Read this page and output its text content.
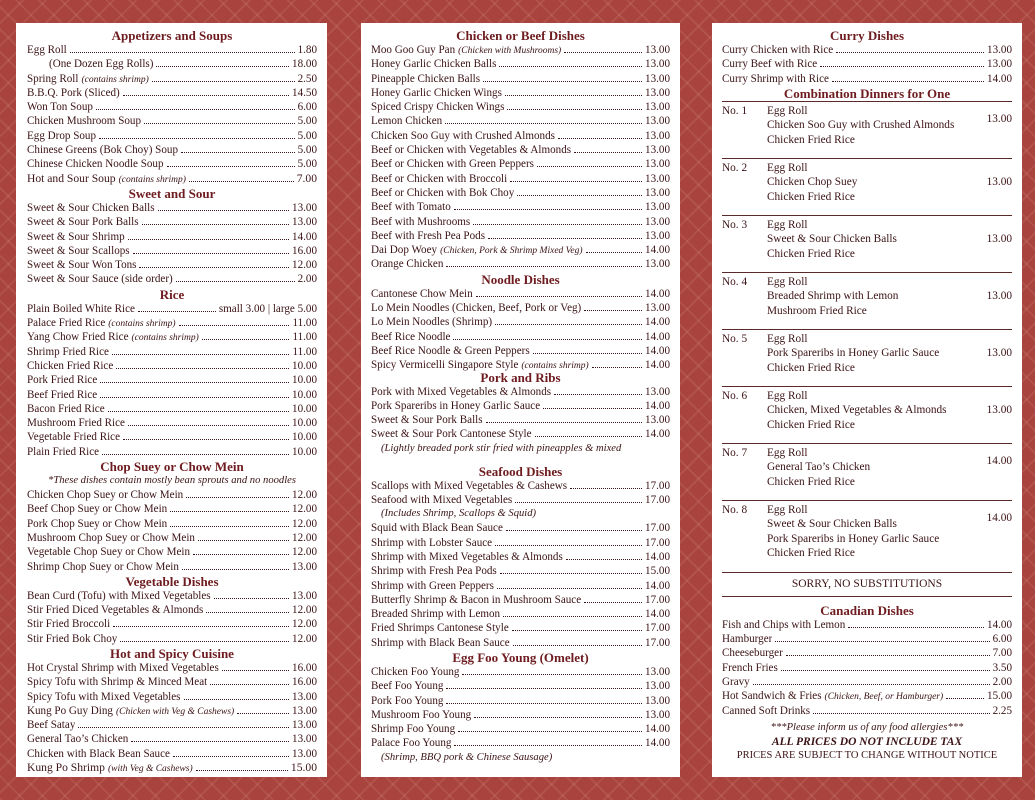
Appetizers and Soups
Egg Roll	1.80
(One Dozen Egg Rolls)	18.00
Spring Roll (contains shrimp)	2.50
B.B.Q. Pork (Sliced)	14.50
Won Ton Soup	6.00
Chicken Mushroom Soup	5.00
Egg Drop Soup	5.00
Chinese Greens (Bok Choy) Soup	5.00
Chinese Chicken Noodle Soup	5.00
Hot and Sour Soup (contains shrimp)	7.00
Sweet and Sour
Sweet & Sour Chicken Balls	13.00
Sweet & Sour Pork Balls	13.00
Sweet & Sour Shrimp	14.00
Sweet & Sour Scallops	16.00
Sweet & Sour Won Tons	12.00
Sweet & Sour Sauce (side order)	2.00
Rice
Plain Boiled White Rice	small 3.00 | large 5.00
Palace Fried Rice (contains shrimp)	11.00
Yang Chow Fried Rice (contains shrimp)	11.00
Shrimp Fried Rice	11.00
Chicken Fried Rice	10.00
Pork Fried Rice	10.00
Beef Fried Rice	10.00
Bacon Fried Rice	10.00
Mushroom Fried Rice	10.00
Vegetable Fried Rice	10.00
Plain Fried Rice	10.00
Chop Suey or Chow Mein
*These dishes contain mostly bean sprouts and no noodles
Chicken Chop Suey or Chow Mein	12.00
Beef Chop Suey or Chow Mein	12.00
Pork Chop Suey or Chow Mein	12.00
Mushroom Chop Suey or Chow Mein	12.00
Vegetable Chop Suey or Chow Mein	12.00
Shrimp Chop Suey or Chow Mein	13.00
Vegetable Dishes
Bean Curd (Tofu) with Mixed Vegetables	13.00
Stir Fried Diced Vegetables & Almonds	12.00
Stir Fried Broccoli	12.00
Stir Fried Bok Choy	12.00
Hot and Spicy Cuisine
Hot Crystal Shrimp with Mixed Vegetables	16.00
Spicy Tofu with Shrimp & Minced Meat	16.00
Spicy Tofu with Mixed Vegetables	13.00
Kung Po Guy Ding (Chicken with Veg & Cashews)	13.00
Beef Satay	13.00
General Tao’s Chicken	13.00
Chicken with Black Bean Sauce	13.00
Kung Po Shrimp (with Veg & Cashews)	15.00
Chicken or Beef Dishes
Moo Goo Guy Pan (Chicken with Mushrooms)	13.00
Honey Garlic Chicken Balls	13.00
Pineapple Chicken Balls	13.00
Honey Garlic Chicken Wings	13.00
Spiced Crispy Chicken Wings	13.00
Lemon Chicken	13.00
Chicken Soo Guy with Crushed Almonds	13.00
Beef or Chicken with Vegetables & Almonds	13.00
Beef or Chicken with Green Peppers	13.00
Beef or Chicken with Broccoli	13.00
Beef or Chicken with Bok Choy	13.00
Beef with Tomato	13.00
Beef with Mushrooms	13.00
Beef with Fresh Pea Pods	13.00
Dai Dop Woey (Chicken, Pork & Shrimp Mixed Veg)	14.00
Orange Chicken	13.00
Noodle Dishes
Cantonese Chow Mein	14.00
Lo Mein Noodles (Chicken, Beef, Pork or Veg)	13.00
Lo Mein Noodles (Shrimp)	14.00
Beef Rice Noodle	14.00
Beef Rice Noodle & Green Peppers	14.00
Spicy Vermicelli Singapore Style (contains shrimp)	14.00
Pork and Ribs
Pork with Mixed Vegetables & Almonds	13.00
Pork Spareribs in Honey Garlic Sauce	14.00
Sweet & Sour Pork Balls	13.00
Sweet & Sour Pork Cantonese Style	14.00
(Lightly breaded pork stir fried with pineapples & mixed
Seafood Dishes
Scallops with Mixed Vegetables & Cashews	17.00
Seafood with Mixed Vegetables	17.00
(Includes Shrimp, Scallops & Squid)
Squid with Black Bean Sauce	17.00
Shrimp with Lobster Sauce	17.00
Shrimp with Mixed Vegetables & Almonds	14.00
Shrimp with Fresh Pea Pods	15.00
Shrimp with Green Peppers	14.00
Butterfly Shrimp & Bacon in Mushroom Sauce	17.00
Breaded Shrimp with Lemon	14.00
Fried Shrimps Cantonese Style	17.00
Shrimp with Black Bean Sauce	17.00
Egg Foo Young (Omelet)
Chicken Foo Young	13.00
Beef Foo Young	13.00
Pork Foo Young	13.00
Mushroom Foo Young	13.00
Shrimp Foo Young	14.00
Palace Foo Young	14.00
(Shrimp, BBQ pork & Chinese Sausage)
Curry Dishes
Curry Chicken with Rice	13.00
Curry Beef with Rice	13.00
Curry Shrimp with Rice	14.00
Combination Dinners for One
No. 1	Egg Roll
Chicken Soo Guy with Crushed Almonds
Chicken Fried Rice
13.00
No. 2	Egg Roll
Chicken Chop Suey
Chicken Fried Rice
13.00
No. 3	Egg Roll
Sweet & Sour Chicken Balls
Chicken Fried Rice
13.00
No. 4	Egg Roll
Breaded Shrimp with Lemon
Mushroom Fried Rice
13.00
No. 5	Egg Roll
Pork Spareribs in Honey Garlic Sauce
Chicken Fried Rice
13.00
No. 6	Egg Roll
Chicken, Mixed Vegetables & Almonds
Chicken Fried Rice
13.00
No. 7	Egg Roll
General Tao’s Chicken
Chicken Fried Rice
14.00
No. 8	Egg Roll
Sweet & Sour Chicken Balls
Pork Spareribs in Honey Garlic Sauce
Chicken Fried Rice
14.00
SORRY, NO SUBSTITUTIONS
Canadian Dishes
Fish and Chips with Lemon	14.00
Hamburger	6.00
Cheeseburger	7.00
French Fries	3.50
Gravy	2.00
Hot Sandwich & Fries (Chicken, Beef, or Hamburger)	15.00
Canned Soft Drinks	2.25
***Please inform us of any food allergies***
ALL PRICES DO NOT INCLUDE TAX
PRICES ARE SUBJECT TO CHANGE WITHOUT NOTICE
